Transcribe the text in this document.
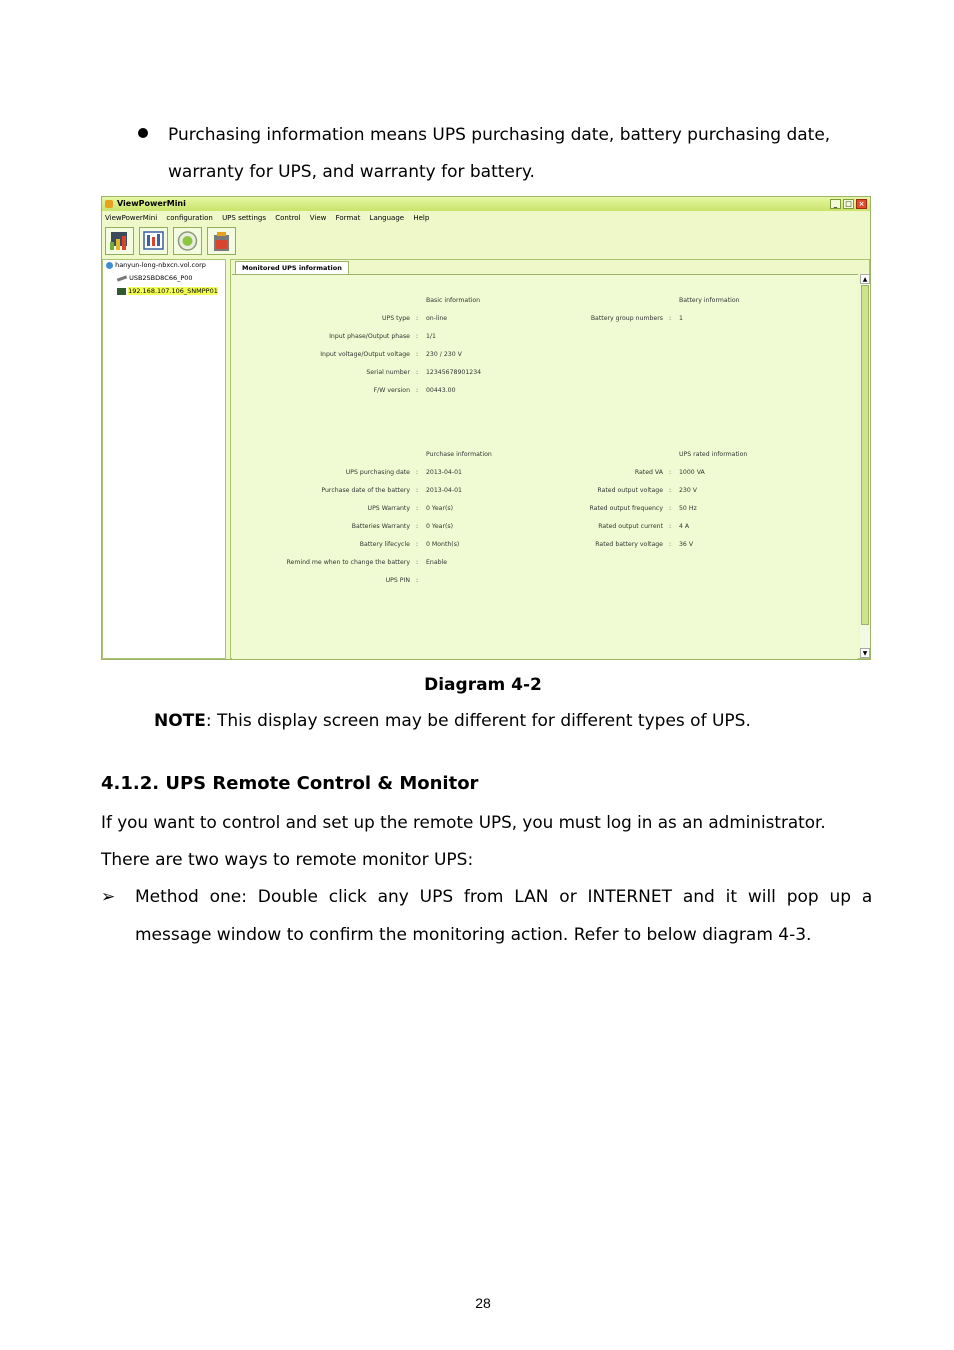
Purchasing information means UPS purchasing date, battery purchasing date,
warranty for UPS, and warranty for battery.
ViewPowerMini	_	□ ×
ViewPowerMini configuration UPS settings Control View Format Language Help

hanyun-long-nbxcn.vol.corp
USB2SBD8C66_P00
192.168.107.106_SNMPP01
Monitored UPS information
Basic information
UPS type :	on-line
Input phase/Output phase :	1/1
Input voltage/Output voltage :	230 / 230 V
Serial number :	12345678901234
F/W version :	00443.00
Battery information
Battery group numbers :	1
Purchase information
UPS purchasing date :	2013-04-01
Purchase date of the battery :	2013-04-01
UPS Warranty :	0 Year(s)
Batteries Warranty :	0 Year(s)
Battery lifecycle :	0 Month(s)
Remind me when to change the battery :	Enable
UPS PIN :
UPS rated information
Rated VA :	1000 VA
Rated output voltage :	230 V
Rated output frequency :	50 Hz
Rated output current :	4 A
Rated battery voltage :	36 V
▲
▼
Diagram 4-2
NOTE: This display screen may be different for different types of UPS.
4.1.2. UPS Remote Control & Monitor
If you want to control and set up the remote UPS, you must log in as an administrator.
There are two ways to remote monitor UPS:
➢ Method  one:  Double  click  any  UPS  from  LAN  or  INTERNET  and  it  will  pop  up  a
message window to confirm the monitoring action. Refer to below diagram 4-3.
28
